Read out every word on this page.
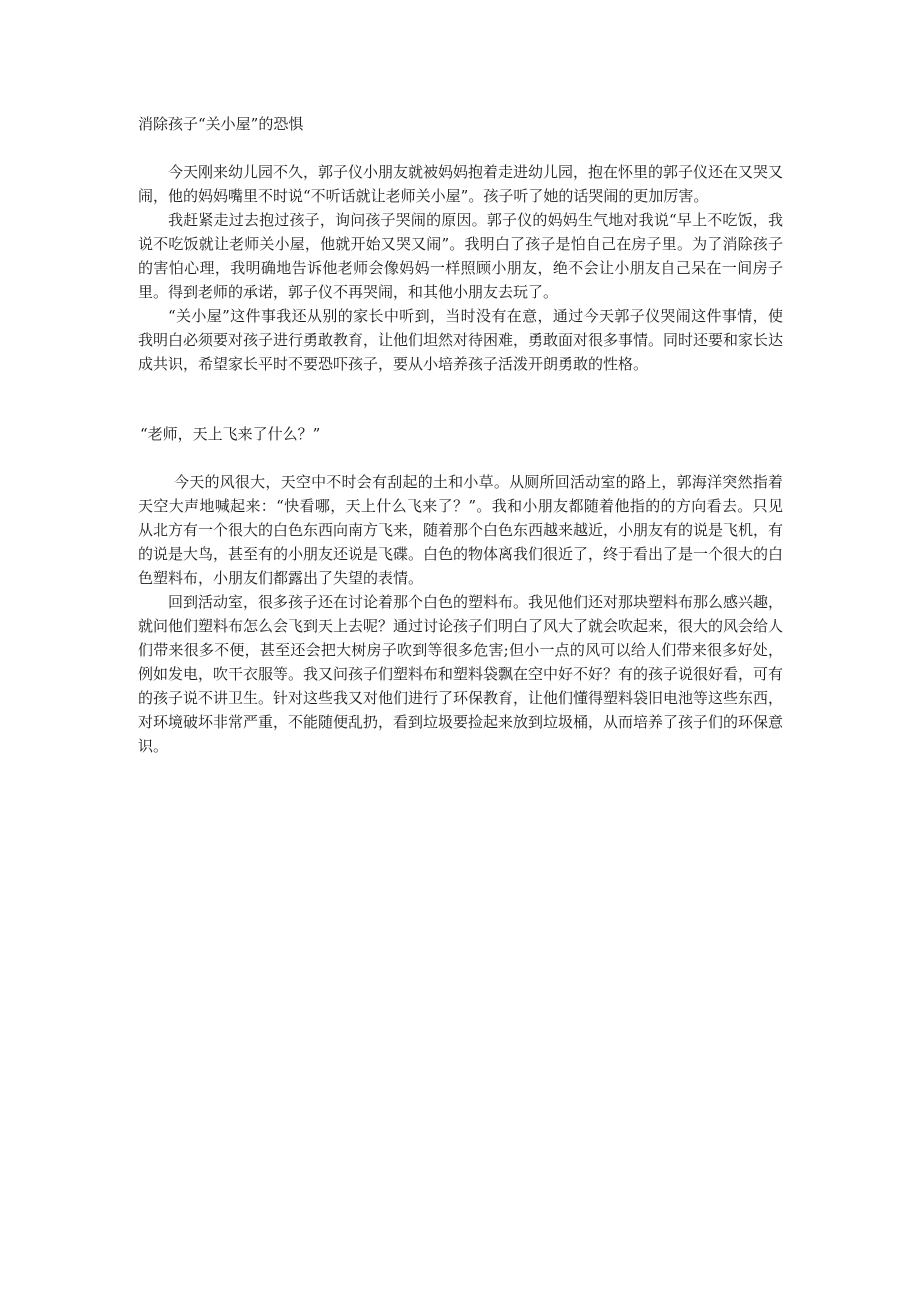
消除孩子“关小屋”的恐惧

今天刚来幼儿园不久，郭子仪小朋友就被妈妈抱着走进幼儿园，抱在怀里的郭子仪还在又哭又闹，他的妈妈嘴里不时说“不听话就让老师关小屋”。孩子听了她的话哭闹的更加厉害。

我赶紧走过去抱过孩子，询问孩子哭闹的原因。郭子仪的妈妈生气地对我说“早上不吃饭，我说不吃饭就让老师关小屋，他就开始又哭又闹”。我明白了孩子是怕自己在房子里。为了消除孩子的害怕心理，我明确地告诉他老师会像妈妈一样照顾小朋友，绝不会让小朋友自己呆在一间房子里。得到老师的承诺，郭子仪不再哭闹，和其他小朋友去玩了。

“关小屋”这件事我还从别的家长中听到，当时没有在意，通过今天郭子仪哭闹这件事情，使我明白必须要对孩子进行勇敢教育，让他们坦然对待困难，勇敢面对很多事情。同时还要和家长达成共识，希望家长平时不要恐吓孩子，要从小培养孩子活泼开朗勇敢的性格。

“老师，天上飞来了什么？”

今天的风很大，天空中不时会有刮起的土和小草。从厕所回活动室的路上，郭海洋突然指着天空大声地喊起来：“快看哪，天上什么飞来了？”。我和小朋友都随着他指的的方向看去。只见从北方有一个很大的白色东西向南方飞来，随着那个白色东西越来越近，小朋友有的说是飞机，有的说是大鸟，甚至有的小朋友还说是飞碟。白色的物体离我们很近了，终于看出了是一个很大的白色塑料布，小朋友们都露出了失望的表情。

回到活动室，很多孩子还在讨论着那个白色的塑料布。我见他们还对那块塑料布那么感兴趣，就问他们塑料布怎么会飞到天上去呢？通过讨论孩子们明白了风大了就会吹起来，很大的风会给人们带来很多不便，甚至还会把大树房子吹到等很多危害;但小一点的风可以给人们带来很多好处，例如发电，吹干衣服等。我又问孩子们塑料布和塑料袋飘在空中好不好？有的孩子说很好看，可有的孩子说不讲卫生。针对这些我又对他们进行了环保教育，让他们懂得塑料袋旧电池等这些东西，对环境破坏非常严重，不能随便乱扔，看到垃圾要捡起来放到垃圾桶，从而培养了孩子们的环保意识。
